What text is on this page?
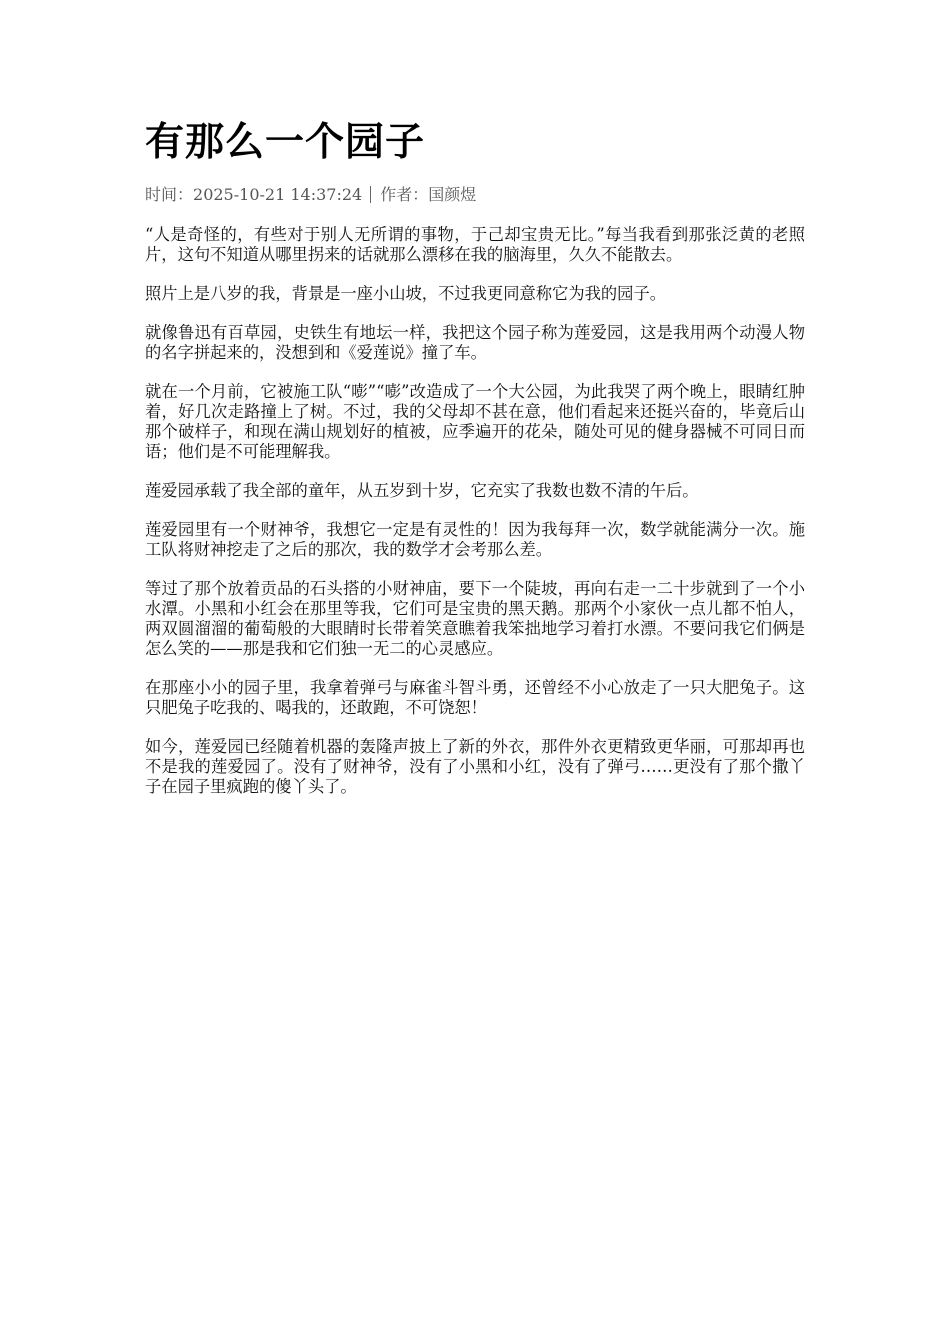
有那么一个园子
时间：2025-10-21 14:37:24 作者：国颜煜

“人是奇怪的，有些对于别人无所谓的事物，于己却宝贵无比。”每当我看到那张泛黄的老照片，这句不知道从哪里拐来的话就那么漂移在我的脑海里，久久不能散去。

照片上是八岁的我，背景是一座小山坡，不过我更同意称它为我的园子。

就像鲁迅有百草园，史铁生有地坛一样，我把这个园子称为莲爱园，这是我用两个动漫人物的名字拼起来的，没想到和《爱莲说》撞了车。

就在一个月前，它被施工队“嘭”“嘭”改造成了一个大公园，为此我哭了两个晚上，眼睛红肿着，好几次走路撞上了树。不过，我的父母却不甚在意，他们看起来还挺兴奋的，毕竟后山那个破样子，和现在满山规划好的植被，应季遍开的花朵，随处可见的健身器械不可同日而语；他们是不可能理解我。

莲爱园承载了我全部的童年，从五岁到十岁，它充实了我数也数不清的午后。

莲爱园里有一个财神爷，我想它一定是有灵性的！因为我每拜一次，数学就能满分一次。施工队将财神挖走了之后的那次，我的数学才会考那么差。

等过了那个放着贡品的石头搭的小财神庙，要下一个陡坡，再向右走一二十步就到了一个小水潭。小黑和小红会在那里等我，它们可是宝贵的黑天鹅。那两个小家伙一点儿都不怕人，两双圆溜溜的葡萄般的大眼睛时长带着笑意瞧着我笨拙地学习着打水漂。不要问我它们俩是怎么笑的——那是我和它们独一无二的心灵感应。

在那座小小的园子里，我拿着弹弓与麻雀斗智斗勇，还曾经不小心放走了一只大肥兔子。这只肥兔子吃我的、喝我的，还敢跑，不可饶恕！

如今，莲爱园已经随着机器的轰隆声披上了新的外衣，那件外衣更精致更华丽，可那却再也不是我的莲爱园了。没有了财神爷，没有了小黑和小红，没有了弹弓……更没有了那个撒丫子在园子里疯跑的傻丫头了。
